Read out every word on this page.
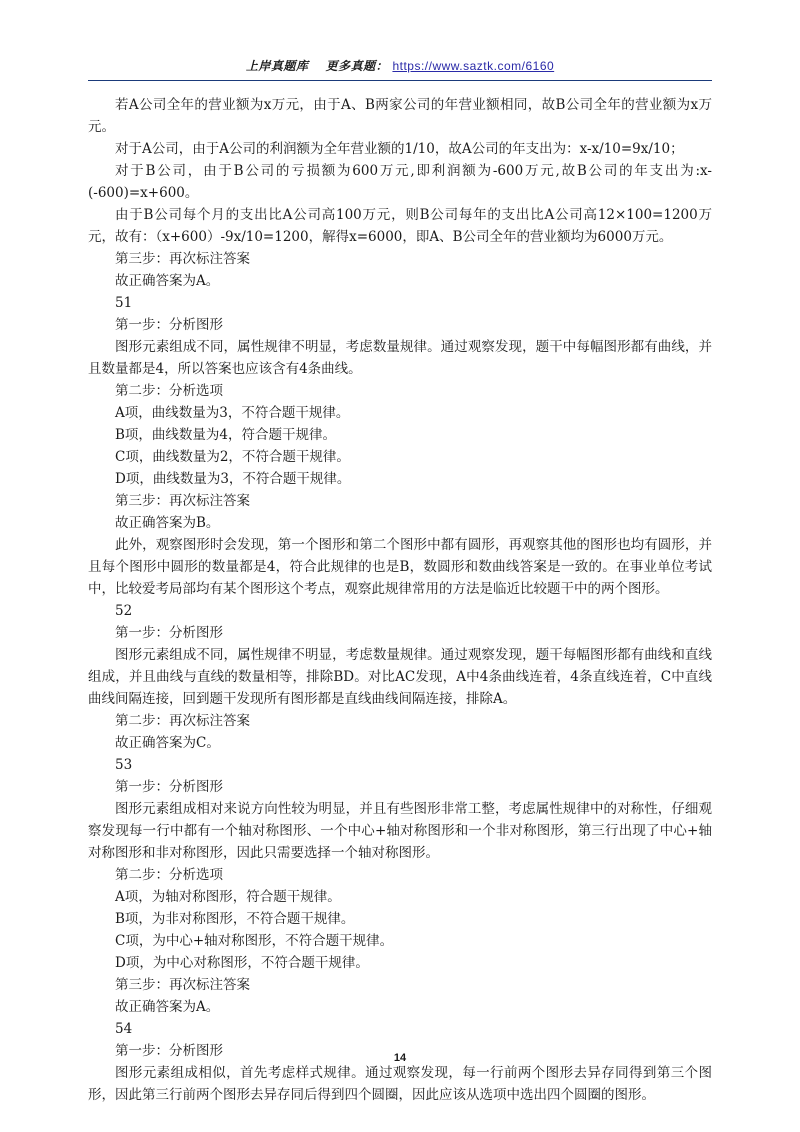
上岸真题库 更多真题： https://www.saztk.com/6160

若A公司全年的营业额为x万元，由于A、B两家公司的年营业额相同，故B公司全年的营业额为x万元。

对于A公司，由于A公司的利润额为全年营业额的1/10，故A公司的年支出为：x-x/10=9x/10；

对于B公司，由于B公司的亏损额为600万元,即利润额为-600万元,故B公司的年支出为:x-(-600)=x+600。

由于B公司每个月的支出比A公司高100万元，则B公司每年的支出比A公司高12×100=1200万元，故有：（x+600）-9x/10=1200，解得x=6000，即A、B公司全年的营业额均为6000万元。

第三步：再次标注答案

故正确答案为A。

51

第一步：分析图形

图形元素组成不同，属性规律不明显，考虑数量规律。通过观察发现，题干中每幅图形都有曲线，并且数量都是4，所以答案也应该含有4条曲线。

第二步：分析选项

A项，曲线数量为3，不符合题干规律。

B项，曲线数量为4，符合题干规律。

C项，曲线数量为2，不符合题干规律。

D项，曲线数量为3，不符合题干规律。

第三步：再次标注答案

故正确答案为B。

此外，观察图形时会发现，第一个图形和第二个图形中都有圆形，再观察其他的图形也均有圆形，并且每个图形中圆形的数量都是4，符合此规律的也是B，数圆形和数曲线答案是一致的。在事业单位考试中，比较爱考局部均有某个图形这个考点，观察此规律常用的方法是临近比较题干中的两个图形。

52

第一步：分析图形

图形元素组成不同，属性规律不明显，考虑数量规律。通过观察发现，题干每幅图形都有曲线和直线组成，并且曲线与直线的数量相等，排除BD。对比AC发现，A中4条曲线连着，4条直线连着，C中直线曲线间隔连接，回到题干发现所有图形都是直线曲线间隔连接，排除A。

第二步：再次标注答案

故正确答案为C。

53

第一步：分析图形

图形元素组成相对来说方向性较为明显，并且有些图形非常工整，考虑属性规律中的对称性，仔细观察发现每一行中都有一个轴对称图形、一个中心+轴对称图形和一个非对称图形，第三行出现了中心+轴对称图形和非对称图形，因此只需要选择一个轴对称图形。

第二步：分析选项

A项，为轴对称图形，符合题干规律。

B项，为非对称图形，不符合题干规律。

C项，为中心+轴对称图形，不符合题干规律。

D项，为中心对称图形，不符合题干规律。

第三步：再次标注答案

故正确答案为A。

54

第一步：分析图形

图形元素组成相似，首先考虑样式规律。通过观察发现，每一行前两个图形去异存同得到第三个图形，因此第三行前两个图形去异存同后得到四个圆圈，因此应该从选项中选出四个圆圈的图形。

14
